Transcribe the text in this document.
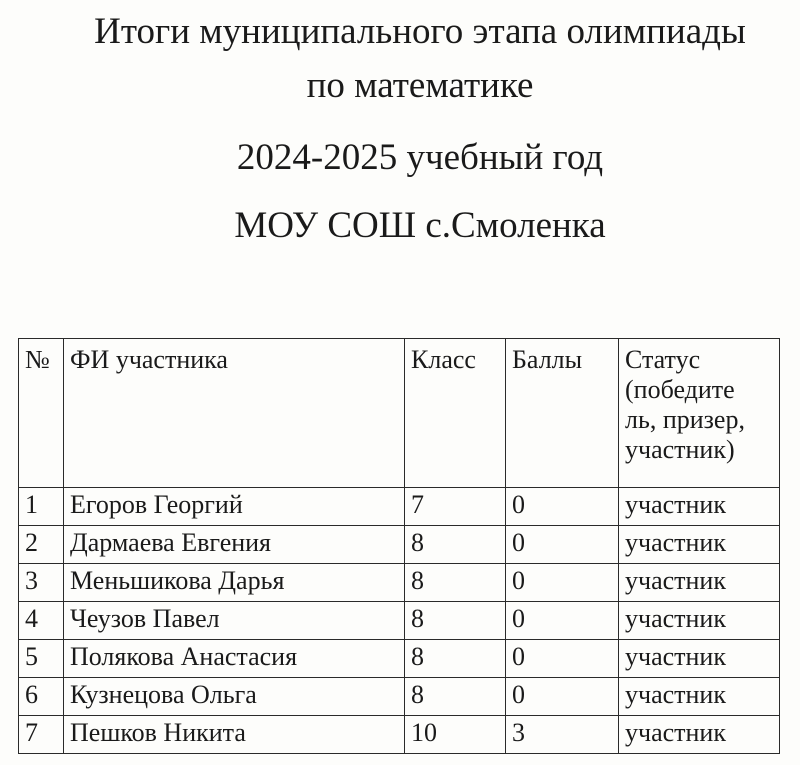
Итоги муниципального этапа олимпиады
по математике
2024-2025 учебный год
МОУ СОШ с.Смоленка
№	ФИ участника	Класс	Баллы	Статус
(победите
ль, призер,
участник)

1	Егоров Георгий	7	0	участник
2	Дармаева Евгения	8	0	участник
3	Меньшикова Дарья	8	0	участник
4	Чеузов Павел	8	0	участник
5	Полякова Анастасия	8	0	участник
6	Кузнецова Ольга	8	0	участник
7	Пешков Никита	10	3	участник
